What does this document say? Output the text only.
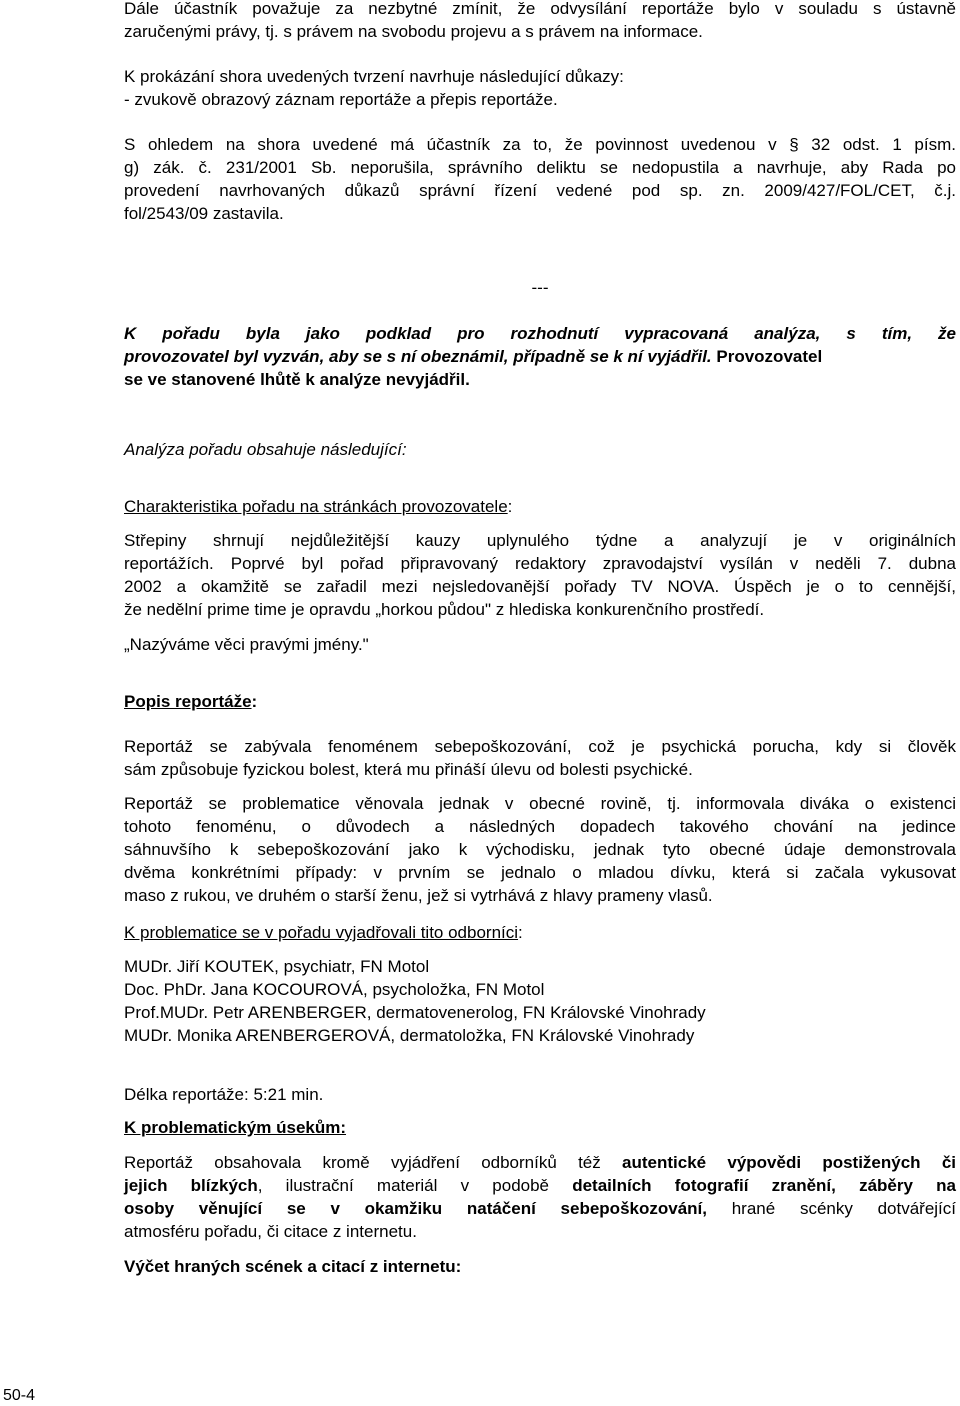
Dále účastník považuje za nezbytné zmínit, že odvysílání reportáže bylo v souladu s ústavně

zaručenými právy, tj. s právem na svobodu projevu a s právem na informace.

K prokázání shora uvedených tvrzení navrhuje následující důkazy:

- zvukově obrazový záznam reportáže a přepis reportáže.

S ohledem na shora uvedené má účastník za to, že povinnost uvedenou v § 32 odst. 1 písm.

g) zák. č. 231/2001 Sb. neporušila, správního deliktu se nedopustila a navrhuje, aby Rada po

provedení navrhovaných důkazů správní řízení vedené pod sp. zn. 2009/427/FOL/CET, č.j.

fol/2543/09 zastavila.

---

K pořadu byla jako podklad pro rozhodnutí vypracovaná analýza, s tím, že

provozovatel byl vyzván, aby se s ní obeznámil, případně se k ní vyjádřil. Provozovatel

se ve stanovené lhůtě k analýze nevyjádřil.

Analýza pořadu obsahuje následující:

Charakteristika pořadu na stránkách provozovatele:

Střepiny shrnují nejdůležitější kauzy uplynulého týdne a analyzují je v originálních

reportážích. Poprvé byl pořad připravovaný redaktory zpravodajství vysílán v neděli 7. dubna

2002 a okamžitě se zařadil mezi nejsledovanější pořady TV NOVA. Úspěch je o to cennější,

že nedělní prime time je opravdu „horkou půdou" z hlediska konkurenčního prostředí.

„Nazýváme věci pravými jmény."

Popis reportáže:

Reportáž se zabývala fenoménem sebepoškozování, což je psychická porucha, kdy si člověk

sám způsobuje fyzickou bolest, která mu přináší úlevu od bolesti psychické.

Reportáž se problematice věnovala jednak v obecné rovině, tj. informovala diváka o existenci

tohoto fenoménu, o důvodech a následných dopadech takového chování na jedince

sáhnuvšího k sebepoškozování jako k východisku, jednak tyto obecné údaje demonstrovala

dvěma konkrétními případy: v prvním se jednalo o mladou dívku, která si začala vykusovat

maso z rukou, ve druhém o starší ženu, jež si vytrhává z hlavy prameny vlasů.

K problematice se v pořadu vyjadřovali tito odborníci:

MUDr. Jiří KOUTEK, psychiatr, FN Motol

Doc. PhDr. Jana KOCOUROVÁ, psycholožka, FN Motol

Prof.MUDr. Petr ARENBERGER, dermatovenerolog, FN Královské Vinohrady

MUDr. Monika ARENBERGEROVÁ, dermatoložka, FN Královské Vinohrady

Délka reportáže: 5:21 min.

K problematickým úsekům:

Reportáž obsahovala kromě vyjádření odborníků též autentické výpovědi postižených či

jejich blízkých, ilustrační materiál v podobě detailních fotografií zranění, záběry na

osoby věnující se v okamžiku natáčení sebepoškozování, hrané scénky dotvářející

atmosféru pořadu, či citace z internetu.

Výčet hraných scének a citací z internetu:

50-4
